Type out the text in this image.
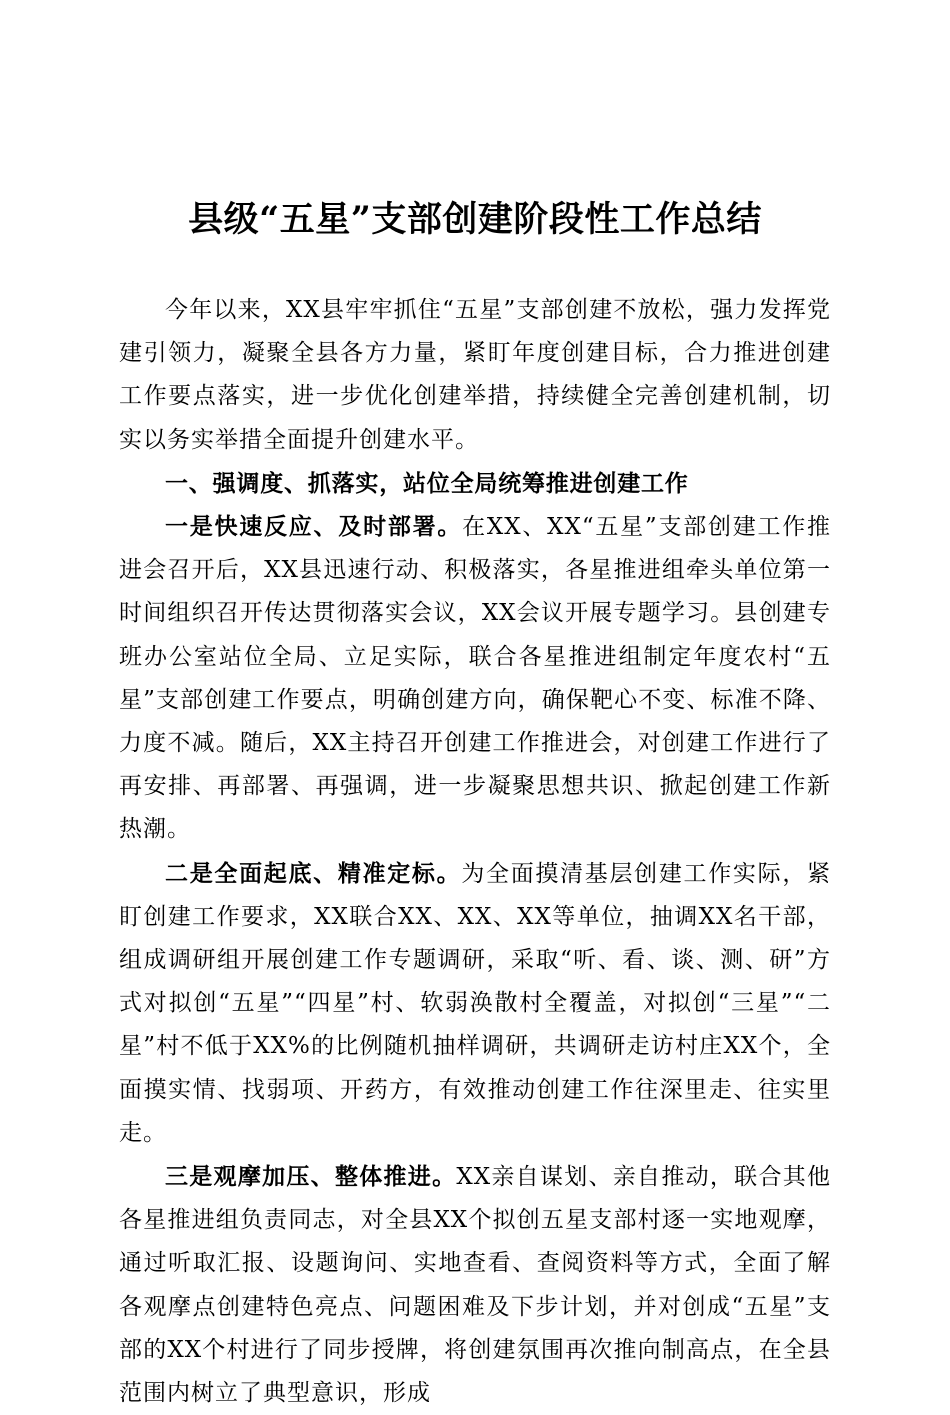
县级“五星”支部创建阶段性工作总结

今年以来，XX县牢牢抓住“五星”支部创建不放松，强力发挥党建引领力，凝聚全县各方力量，紧盯年度创建目标，合力推进创建工作要点落实，进一步优化创建举措，持续健全完善创建机制，切实以务实举措全面提升创建水平。

一、强调度、抓落实，站位全局统筹推进创建工作

一是快速反应、及时部署。在XX、XX“五星”支部创建工作推进会召开后，XX县迅速行动、积极落实，各星推进组牵头单位第一时间组织召开传达贯彻落实会议，XX会议开展专题学习。县创建专班办公室站位全局、立足实际，联合各星推进组制定年度农村“五星”支部创建工作要点，明确创建方向，确保靶心不变、标准不降、力度不减。随后，XX主持召开创建工作推进会，对创建工作进行了再安排、再部署、再强调，进一步凝聚思想共识、掀起创建工作新热潮。

二是全面起底、精准定标。为全面摸清基层创建工作实际，紧盯创建工作要求，XX联合XX、XX、XX等单位，抽调XX名干部，组成调研组开展创建工作专题调研，采取“听、看、谈、测、研”方式对拟创“五星”“四星”村、软弱涣散村全覆盖，对拟创“三星”“二星”村不低于XX%的比例随机抽样调研，共调研走访村庄XX个，全面摸实情、找弱项、开药方，有效推动创建工作往深里走、往实里走。

三是观摩加压、整体推进。XX亲自谋划、亲自推动，联合其他各星推进组负责同志，对全县XX个拟创五星支部村逐一实地观摩，通过听取汇报、设题询问、实地查看、查阅资料等方式，全面了解各观摩点创建特色亮点、问题困难及下步计划，并对创成“五星”支部的XX个村进行了同步授牌，将创建氛围再次推向制高点，在全县范围内树立了典型意识，形成
